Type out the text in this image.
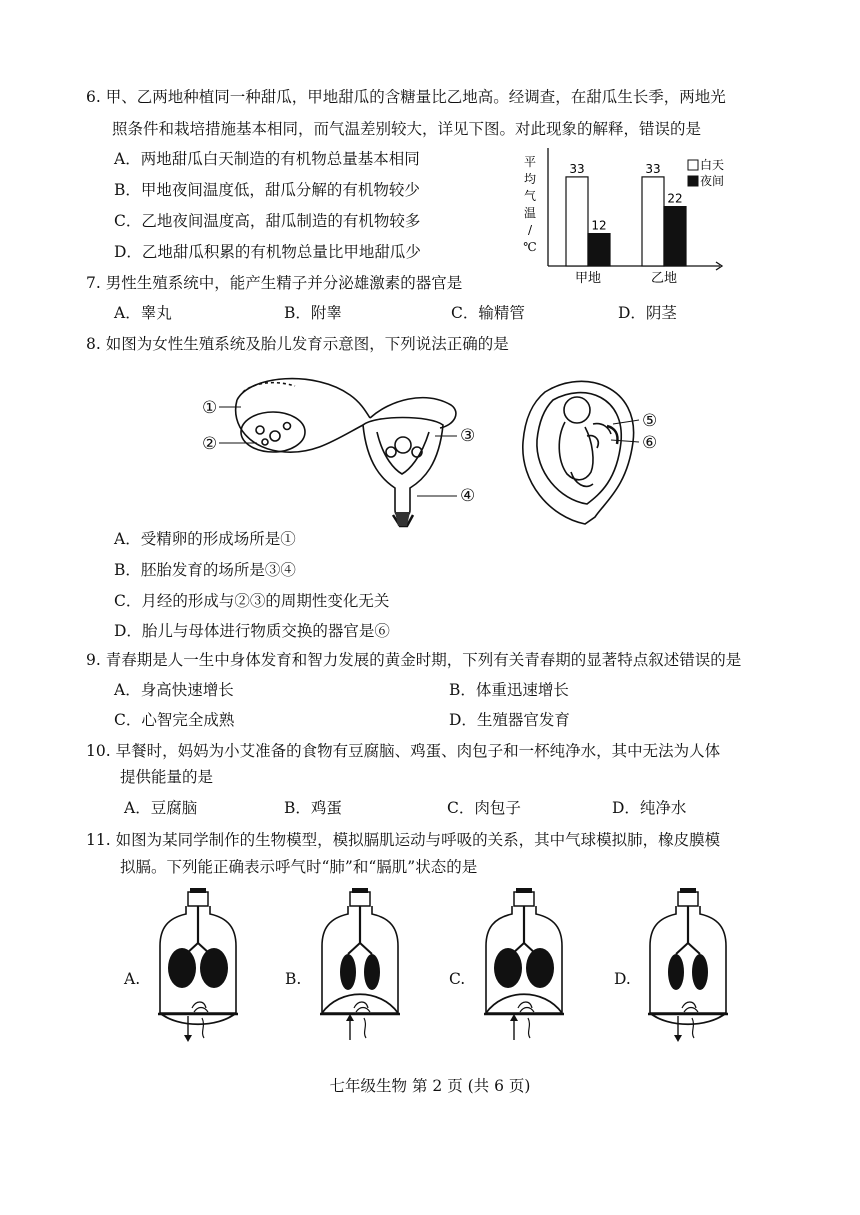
6. 甲、乙两地种植同一种甜瓜，甲地甜瓜的含糖量比乙地高。经调查，在甜瓜生长季，两地光
照条件和栽培措施基本相同，而气温差别较大，详见下图。对此现象的解释，错误的是
A．两地甜瓜白天制造的有机物总量基本相同
B．甲地夜间温度低，甜瓜分解的有机物较少
C．乙地夜间温度高，甜瓜制造的有机物较多
D．乙地甜瓜积累的有机物总量比甲地甜瓜少
平
均
气
温
/
℃
33
12
甲地
33
22
乙地
白天
夜间
7. 男性生殖系统中，能产生精子并分泌雄激素的器官是
A．睾丸	B．附睾	C．输精管	D．阴茎
8. 如图为女性生殖系统及胎儿发育示意图，下列说法正确的是
①
②	③
④
⑤
⑥
A．受精卵的形成场所是①
B．胚胎发育的场所是③④
C．月经的形成与②③的周期性变化无关
D．胎儿与母体进行物质交换的器官是⑥
9. 青春期是人一生中身体发育和智力发展的黄金时期，下列有关青春期的显著特点叙述错误的是
A．身高快速增长	B．体重迅速增长
C．心智完全成熟	D．生殖器官发育
10. 早餐时，妈妈为小艾准备的食物有豆腐脑、鸡蛋、肉包子和一杯纯净水，其中无法为人体
提供能量的是
A．豆腐脑	B．鸡蛋	C．肉包子	D．纯净水
11. 如图为某同学制作的生物模型，模拟膈肌运动与呼吸的关系，其中气球模拟肺，橡皮膜模
拟膈。下列能正确表示呼气时“肺”和“膈肌”状态的是
A.	B.	C.	D.
七年级生物 第 2 页 (共 6 页)
